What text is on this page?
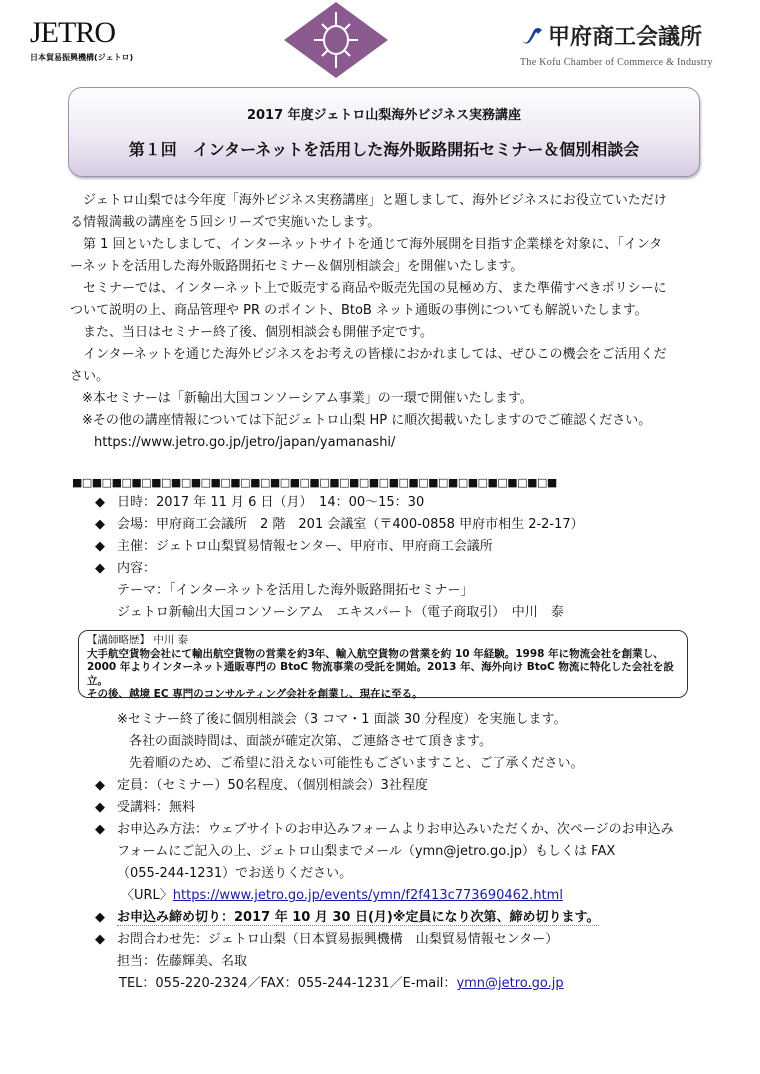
JETRO
日本貿易振興機構(ジェトロ)
甲府商工会議所
The Kofu Chamber of Commerce & Industry
2017 年度ジェトロ山梨海外ビジネス実務講座
第１回　インターネットを活用した海外販路開拓セミナー＆個別相談会

ジェトロ山梨では今年度「海外ビジネス実務講座」と題しまして、海外ビジネスにお役立ていただける情報満載の講座を５回シリーズで実施いたします。

第 1 回といたしまして、インターネットサイトを通じて海外展開を目指す企業様を対象に、「インターネットを活用した海外販路開拓セミナー＆個別相談会」を開催いたします。

セミナーでは、インターネット上で販売する商品や販売先国の見極め方、また準備すべきポリシーについて説明の上、商品管理や PR のポイント、BtoB ネット通販の事例についても解説いたします。

また、当日はセミナー終了後、個別相談会も開催予定です。

インターネットを通じた海外ビジネスをお考えの皆様におかれましては、ぜひこの機会をご活用ください。

※本セミナーは「新輸出大国コンソーシアム事業」の一環で開催いたします。

※その他の講座情報については下記ジェトロ山梨 HP に順次掲載いたしますのでご確認ください。

https://www.jetro.go.jp/jetro/japan/yamanashi/

■□■□■□■□■□■□■□■□■□■□■□■□■□■□■□■□■□■□■□■□■□■□■□■□■
◆ 日時：2017 年 11 月 6 日（月）　14：00～15：30
◆ 会場：甲府商工会議所　2 階　201 会議室（〒400-0858 甲府市相生 2-2-17）
◆ 主催：ジェトロ山梨貿易情報センター、甲府市、甲府商工会議所
◆ 内容：
テーマ：「インターネットを活用した海外販路開拓セミナー」
ジェトロ新輸出大国コンソーシアム　エキスパート（電子商取引）　中川　泰
【講師略歴】 中川 泰
大手航空貨物会社にて輸出航空貨物の営業を約3年、輸入航空貨物の営業を約 10 年経験。1998 年に物流会社を創業し、
2000 年よりインターネット通販専門の BtoC 物流事業の受託を開始。2013 年、海外向け BtoC 物流に特化した会社を設立。
その後、越境 EC 専門のコンサルティング会社を創業し、現在に至る。
※セミナー終了後に個別相談会（3 コマ・1 面談 30 分程度）を実施します。
各社の面談時間は、面談が確定次第、ご連絡させて頂きます。
先着順のため、ご希望に沿えない可能性もございますこと、ご了承ください。
◆ 定員：（セミナー）50名程度、（個別相談会）3社程度
◆ 受講料：無料
◆ お申込み方法：ウェブサイトのお申込みフォームよりお申込みいただくか、次ページのお申込み
フォームにご記入の上、ジェトロ山梨までメール（ymn@jetro.go.jp）もしくは FAX
（055-244-1231）でお送りください。
〈URL〉https://www.jetro.go.jp/events/ymn/f2f413c773690462.html
◆ お申込み締め切り：2017 年 10 月 30 日(月)※定員になり次第、締め切ります。
◆ お問合わせ先：ジェトロ山梨（日本貿易振興機構　山梨貿易情報センター）
担当：佐藤輝美、名取
TEL：055-220-2324／FAX：055-244-1231／E-mail：ymn@jetro.go.jp
